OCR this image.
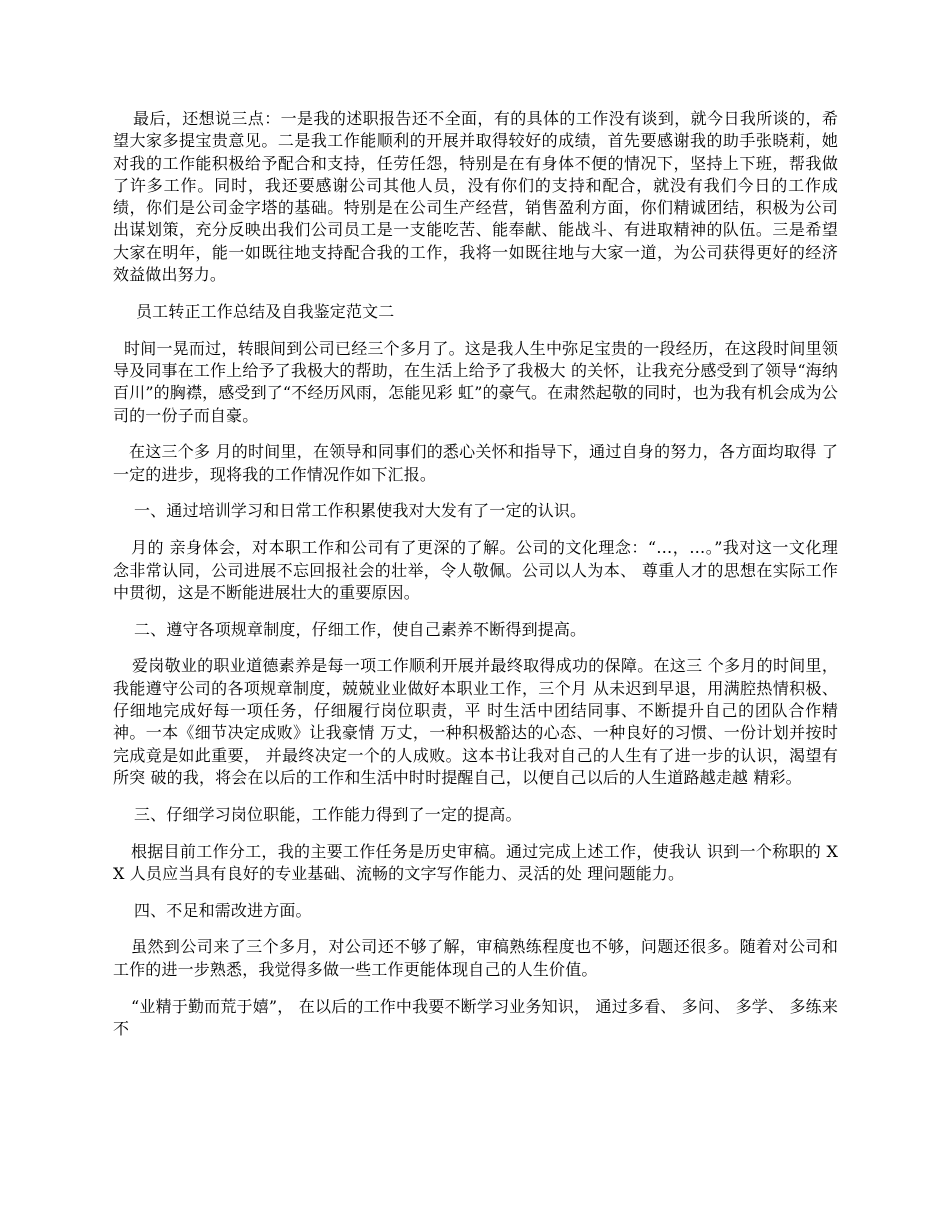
最后，还想说三点：一是我的述职报告还不全面，有的具体的工作没有谈到，就今日我所谈的，希望大家多提宝贵意见。二是我工作能顺利的开展并取得较好的成绩，首先要感谢我的助手张晓莉，她对我的工作能积极给予配合和支持，任劳任怨，特别是在有身体不便的情况下，坚持上下班，帮我做了许多工作。同时，我还要感谢公司其他人员，没有你们的支持和配合，就没有我们今日的工作成绩，你们是公司金字塔的基础。特别是在公司生产经营，销售盈利方面，你们精诚团结，积极为公司出谋划策，充分反映出我们公司员工是一支能吃苦、能奉献、能战斗、有进取精神的队伍。三是希望大家在明年，能一如既往地支持配合我的工作，我将一如既往地与大家一道，为公司获得更好的经济效益做出努力。

员工转正工作总结及自我鉴定范文二

时间一晃而过，转眼间到公司已经三个多月了。这是我人生中弥足宝贵的一段经历，在这段时间里领导及同事在工作上给予了我极大的帮助，在生活上给予了我极大 的关怀，让我充分感受到了领导“海纳百川”的胸襟，感受到了“不经历风雨，怎能见彩 虹”的豪气。在肃然起敬的同时，也为我有机会成为公司的一份子而自豪。

在这三个多 月的时间里，在领导和同事们的悉心关怀和指导下，通过自身的努力，各方面均取得 了一定的进步，现将我的工作情况作如下汇报。

一、通过培训学习和日常工作积累使我对大发有了一定的认识。

月的 亲身体会，对本职工作和公司有了更深的了解。公司的文化理念：“…，…。”我对这一文化理念非常认同，公司进展不忘回报社会的壮举，令人敬佩。公司以人为本、 尊重人才的思想在实际工作中贯彻，这是不断能进展壮大的重要原因。

二、遵守各项规章制度，仔细工作，使自己素养不断得到提高。

爱岗敬业的职业道德素养是每一项工作顺利开展并最终取得成功的保障。在这三 个多月的时间里，我能遵守公司的各项规章制度，兢兢业业做好本职业工作，三个月 从未迟到早退，用满腔热情积极、仔细地完成好每一项任务，仔细履行岗位职责，平 时生活中团结同事、不断提升自己的团队合作精神。一本《细节决定成败》让我豪情 万丈，一种积极豁达的心态、一种良好的习惯、一份计划并按时完成竟是如此重要， 并最终决定一个的人成败。这本书让我对自己的人生有了进一步的认识，渴望有所突 破的我，将会在以后的工作和生活中时时提醒自己，以便自己以后的人生道路越走越 精彩。

三、仔细学习岗位职能，工作能力得到了一定的提高。

根据目前工作分工，我的主要工作任务是历史审稿。通过完成上述工作，使我认 识到一个称职的 XX 人员应当具有良好的专业基础、流畅的文字写作能力、灵活的处 理问题能力。

四、不足和需改进方面。

虽然到公司来了三个多月，对公司还不够了解，审稿熟练程度也不够，问题还很多。随着对公司和工作的进一步熟悉，我觉得多做一些工作更能体现自己的人生价值。

“业精于勤而荒于嬉”， 在以后的工作中我要不断学习业务知识， 通过多看、 多问、 多学、 多练来不
